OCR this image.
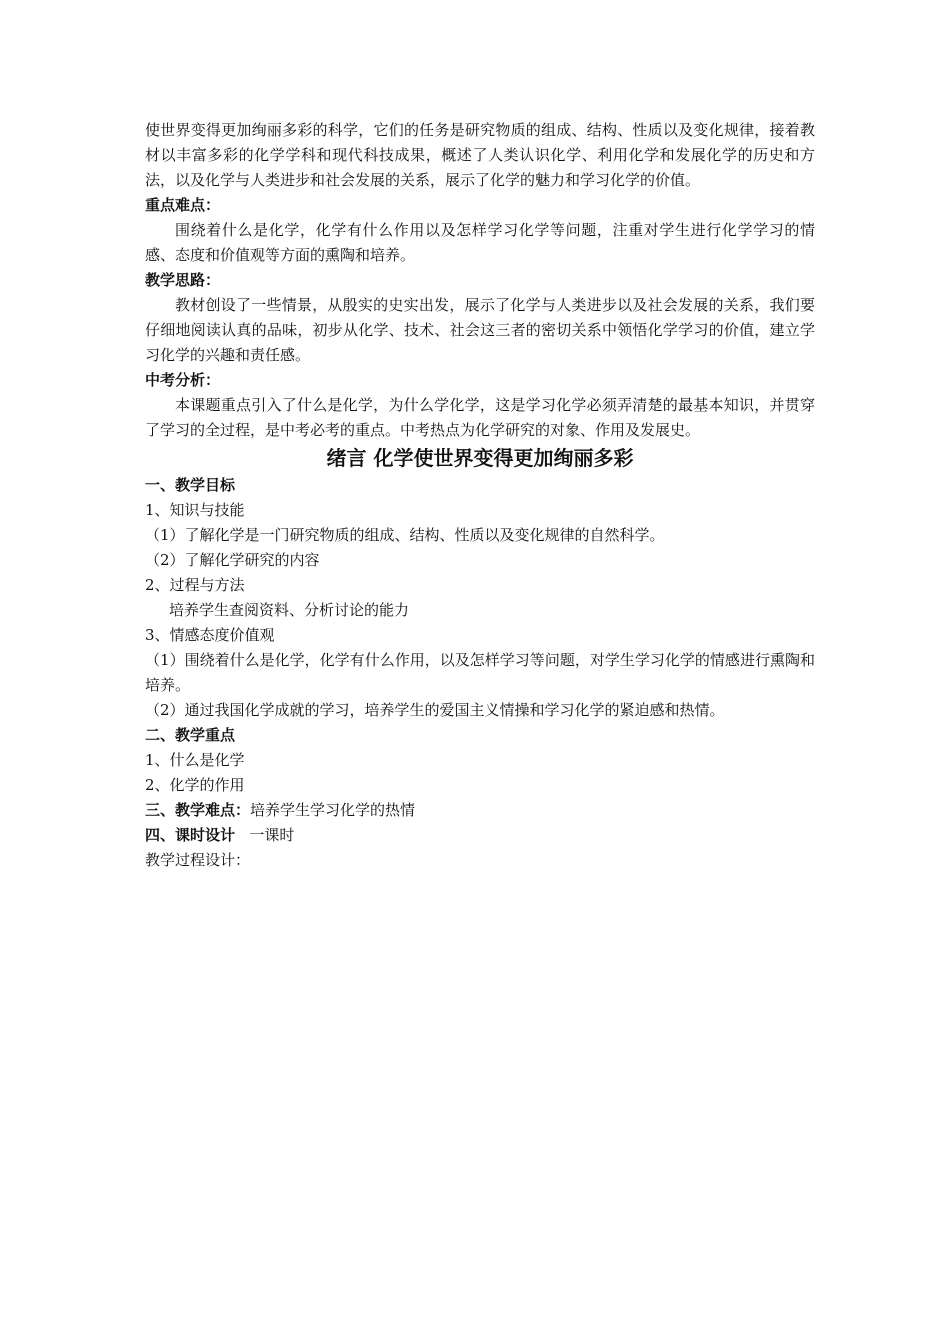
使世界变得更加绚丽多彩的科学，它们的任务是研究物质的组成、结构、性质以及变化规律，接着教材以丰富多彩的化学学科和现代科技成果，概述了人类认识化学、利用化学和发展化学的历史和方法，以及化学与人类进步和社会发展的关系，展示了化学的魅力和学习化学的价值。

重点难点：

围绕着什么是化学，化学有什么作用以及怎样学习化学等问题，注重对学生进行化学学习的情感、态度和价值观等方面的熏陶和培养。

教学思路：

教材创设了一些情景，从殷实的史实出发，展示了化学与人类进步以及社会发展的关系，我们要仔细地阅读认真的品味，初步从化学、技术、社会这三者的密切关系中领悟化学学习的价值，建立学习化学的兴趣和责任感。

中考分析：

本课题重点引入了什么是化学，为什么学化学，这是学习化学必须弄清楚的最基本知识，并贯穿了学习的全过程，是中考必考的重点。中考热点为化学研究的对象、作用及发展史。

绪言 化学使世界变得更加绚丽多彩

一、教学目标

1、知识与技能

（1）了解化学是一门研究物质的组成、结构、性质以及变化规律的自然科学。

（2）了解化学研究的内容

2、过程与方法

培养学生查阅资料、分析讨论的能力

3、情感态度价值观

（1）围绕着什么是化学，化学有什么作用，以及怎样学习等问题，对学生学习化学的情感进行熏陶和培养。

（2）通过我国化学成就的学习，培养学生的爱国主义情操和学习化学的紧迫感和热情。

二、教学重点

1、什么是化学

2、化学的作用

三、教学难点：培养学生学习化学的热情

四、课时设计 一课时

教学过程设计：
